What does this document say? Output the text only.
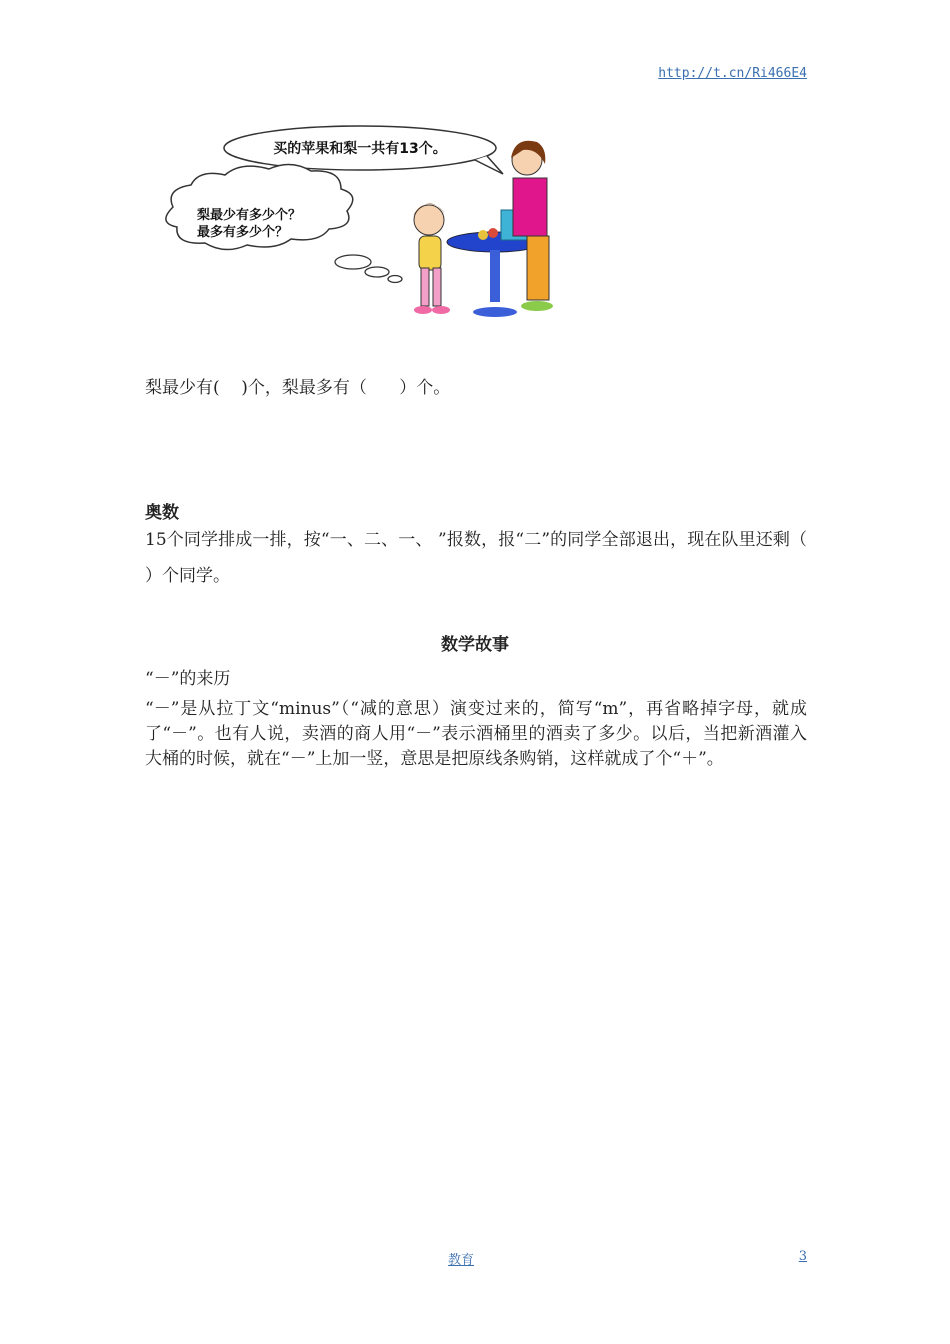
http://t.cn/Ri466E4
买的苹果和梨一共有13个。
梨最少有多少个？
最多有多少个？
梨最少有(    )个，梨最多有（      ）个。
奥数
15个同学排成一排，按“一、二、一、 ”报数，报“二”的同学全部退出，现在队里还剩（ ）个同学。
数学故事
“－”的来历
“－”是从拉丁文“minus”（“减的意思）演变过来的，简写“m”，再省略掉字母，就成了“－”。也有人说，卖酒的商人用“－”表示酒桶里的酒卖了多少。以后，当把新酒灌入大桶的时候，就在“－”上加一竖，意思是把原线条购销，这样就成了个“＋”。
教育	3
